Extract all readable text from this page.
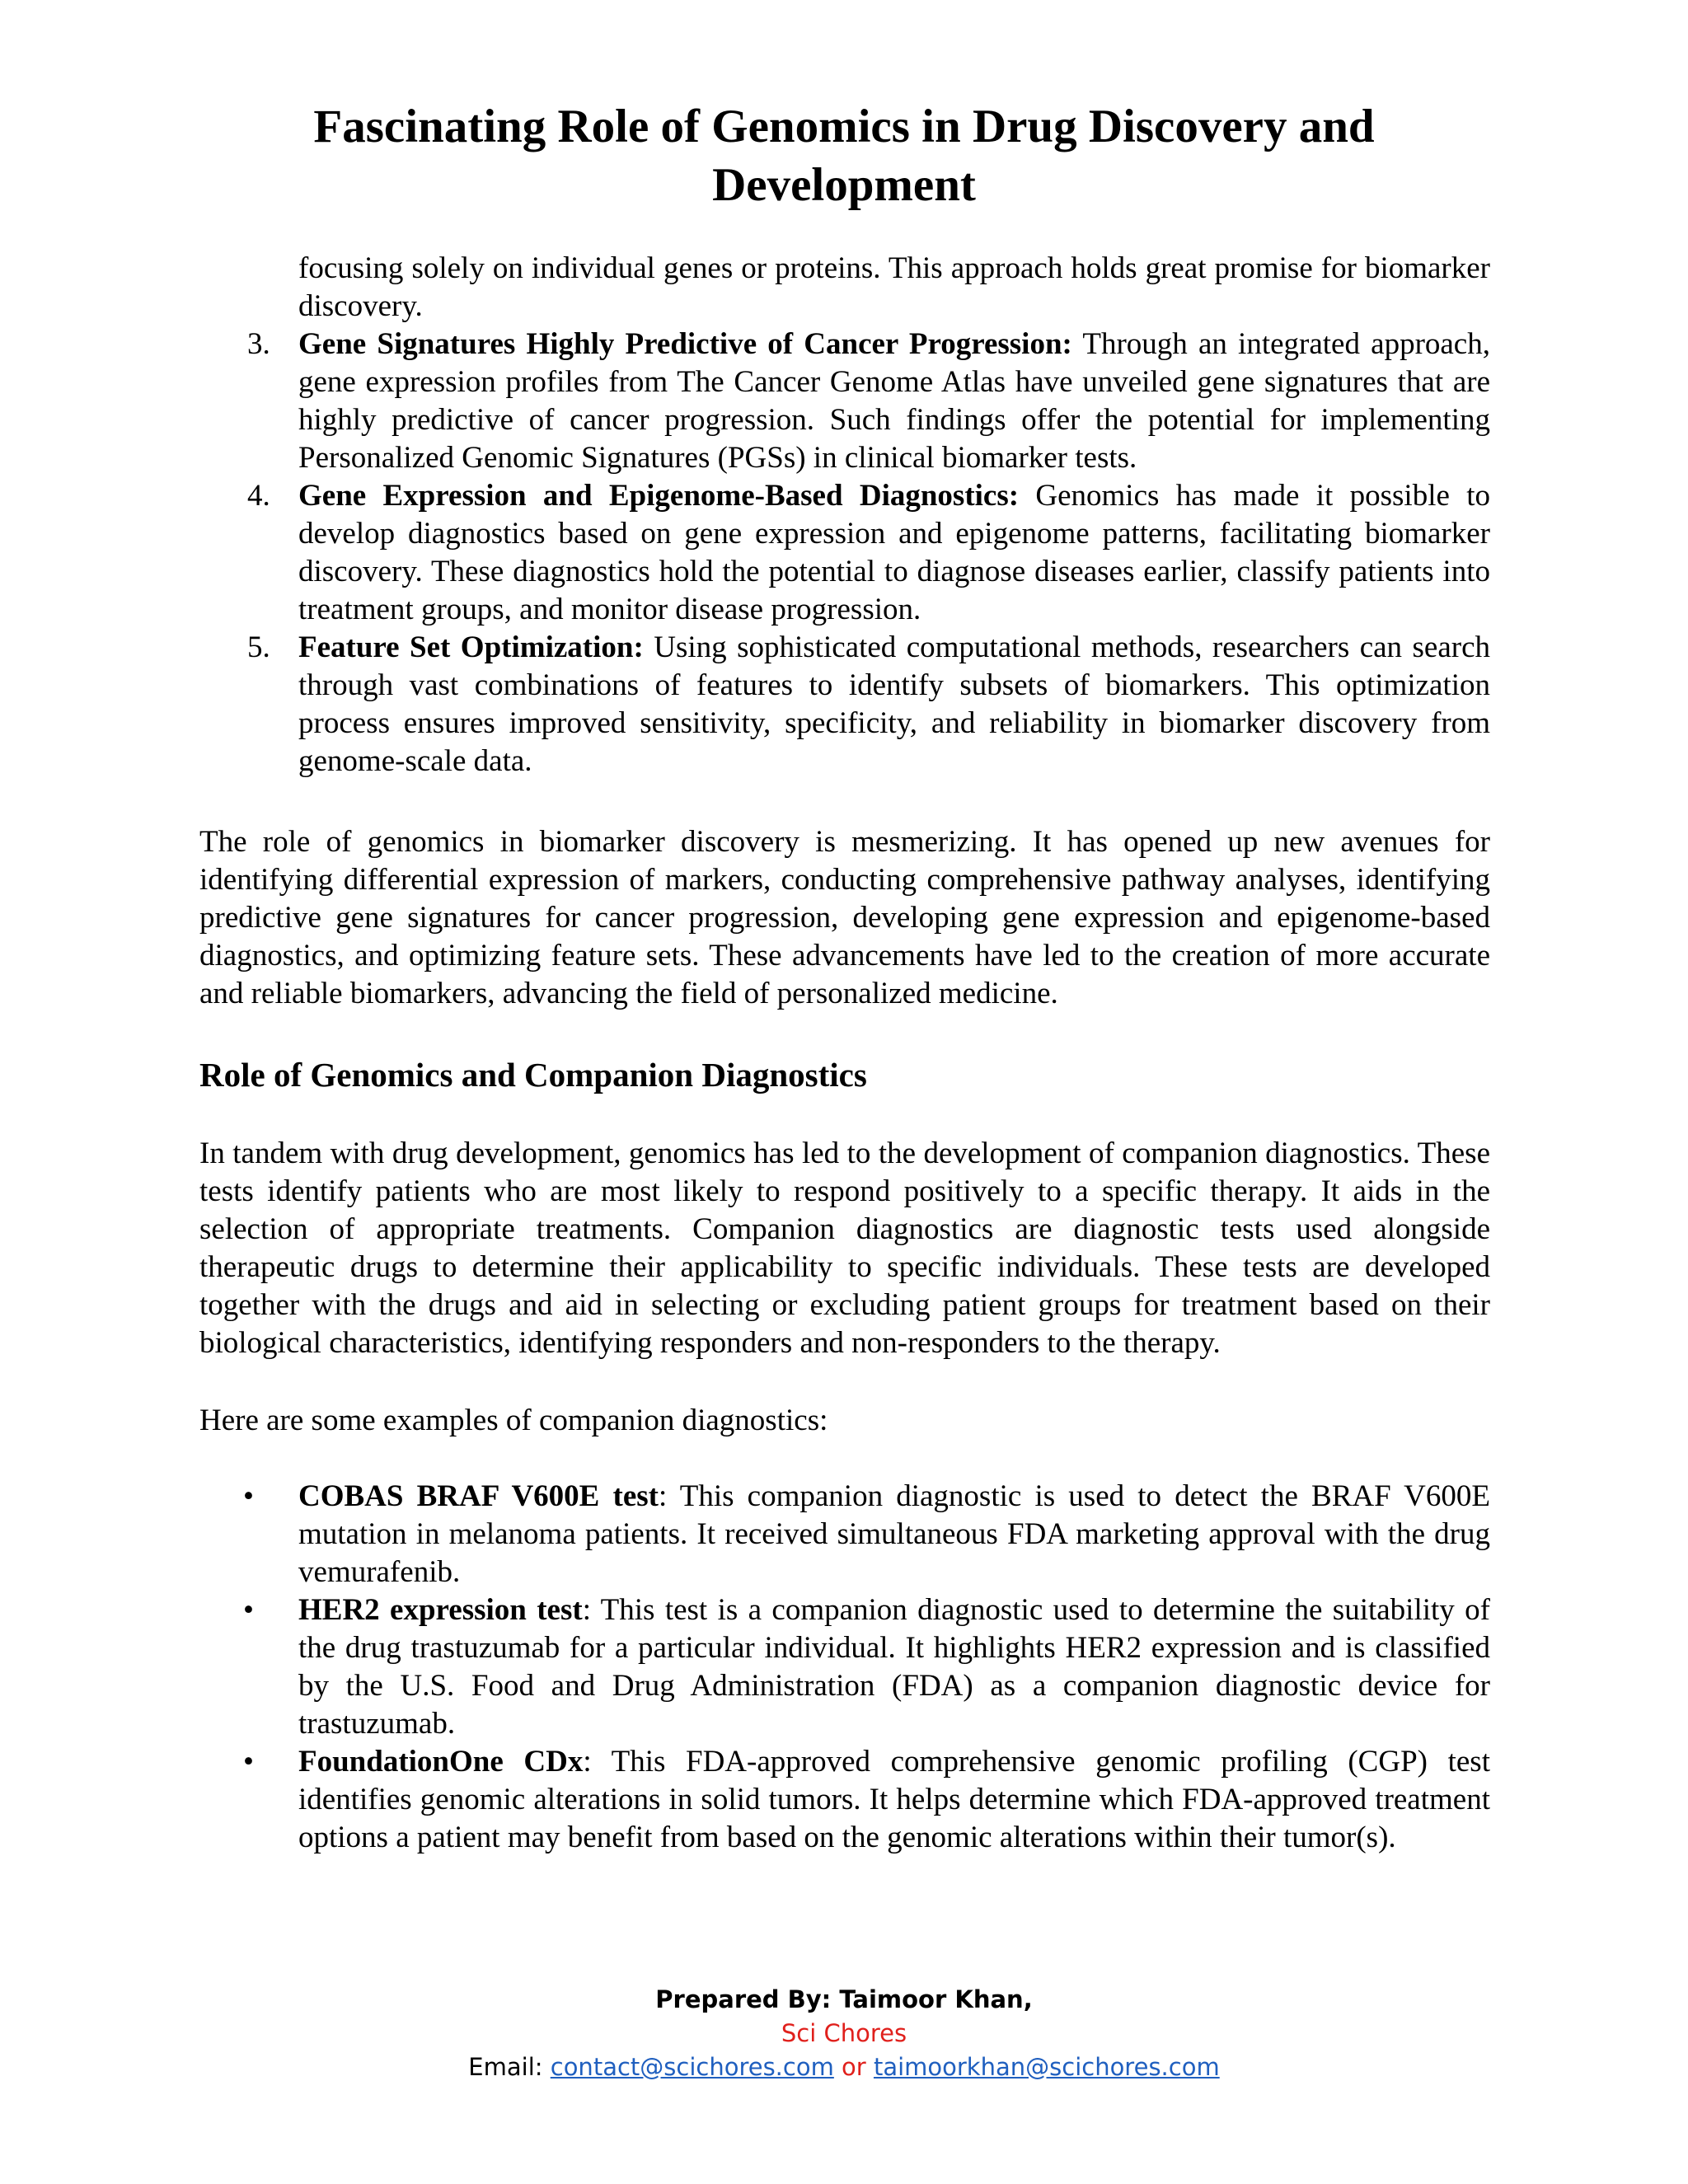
Fascinating Role of Genomics in Drug Discovery and Development

focusing solely on individual genes or proteins. This approach holds great promise for biomarker discovery.

3. Gene Signatures Highly Predictive of Cancer Progression: Through an integrated approach, gene expression profiles from The Cancer Genome Atlas have unveiled gene signatures that are highly predictive of cancer progression. Such findings offer the potential for implementing Personalized Genomic Signatures (PGSs) in clinical biomarker tests.

4. Gene Expression and Epigenome-Based Diagnostics: Genomics has made it possible to develop diagnostics based on gene expression and epigenome patterns, facilitating biomarker discovery. These diagnostics hold the potential to diagnose diseases earlier, classify patients into treatment groups, and monitor disease progression.

5. Feature Set Optimization: Using sophisticated computational methods, researchers can search through vast combinations of features to identify subsets of biomarkers. This optimization process ensures improved sensitivity, specificity, and reliability in biomarker discovery from genome-scale data.

The role of genomics in biomarker discovery is mesmerizing. It has opened up new avenues for identifying differential expression of markers, conducting comprehensive pathway analyses, identifying predictive gene signatures for cancer progression, developing gene expression and epigenome-based diagnostics, and optimizing feature sets. These advancements have led to the creation of more accurate and reliable biomarkers, advancing the field of personalized medicine.

Role of Genomics and Companion Diagnostics

In tandem with drug development, genomics has led to the development of companion diagnostics. These tests identify patients who are most likely to respond positively to a specific therapy. It aids in the selection of appropriate treatments. Companion diagnostics are diagnostic tests used alongside therapeutic drugs to determine their applicability to specific individuals. These tests are developed together with the drugs and aid in selecting or excluding patient groups for treatment based on their biological characteristics, identifying responders and non-responders to the therapy.

Here are some examples of companion diagnostics:

• COBAS BRAF V600E test: This companion diagnostic is used to detect the BRAF V600E mutation in melanoma patients. It received simultaneous FDA marketing approval with the drug vemurafenib.

• HER2 expression test: This test is a companion diagnostic used to determine the suitability of the drug trastuzumab for a particular individual. It highlights HER2 expression and is classified by the U.S. Food and Drug Administration (FDA) as a companion diagnostic device for trastuzumab.

• FoundationOne CDx: This FDA-approved comprehensive genomic profiling (CGP) test identifies genomic alterations in solid tumors. It helps determine which FDA-approved treatment options a patient may benefit from based on the genomic alterations within their tumor(s).

Prepared By: Taimoor Khan,
Sci Chores
Email: contact@scichores.com or taimoorkhan@scichores.com
